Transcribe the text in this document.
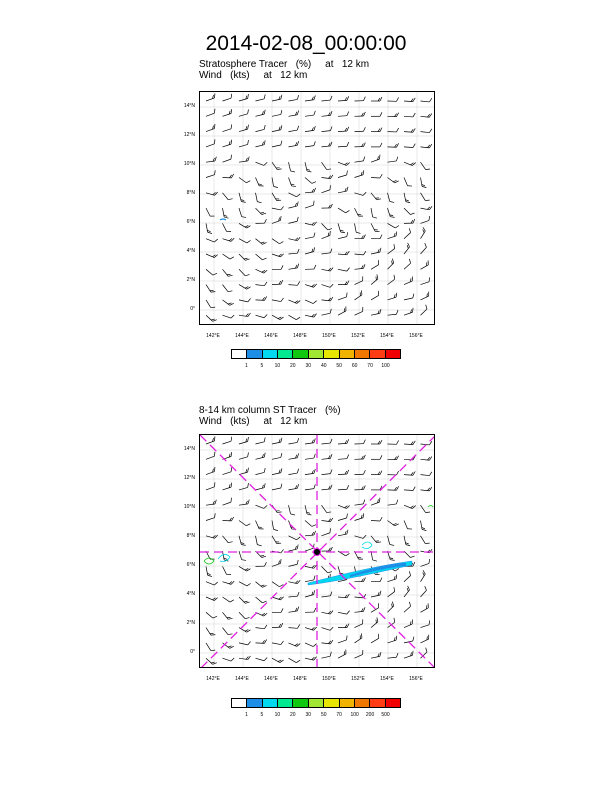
2014-02-08_00:00:00
Stratosphere Tracer   (%)     at   12 km
Wind   (kts)     at   12 km
14°N
12°N
10°N
8°N
6°N
4°N
2°N
0°
142°E	144°E	146°E	148°E	150°E	152°E	154°E	156°E
1	5	10	20	30	40	50	60	70	100
8-14 km column ST Tracer   (%)
Wind   (kts)     at   12 km
14°N
12°N
10°N
8°N
6°N
4°N
2°N
0°
142°E	144°E	146°E	148°E	150°E	152°E	154°E	156°E
1	5	10	20	30	50	70	100	200	500
